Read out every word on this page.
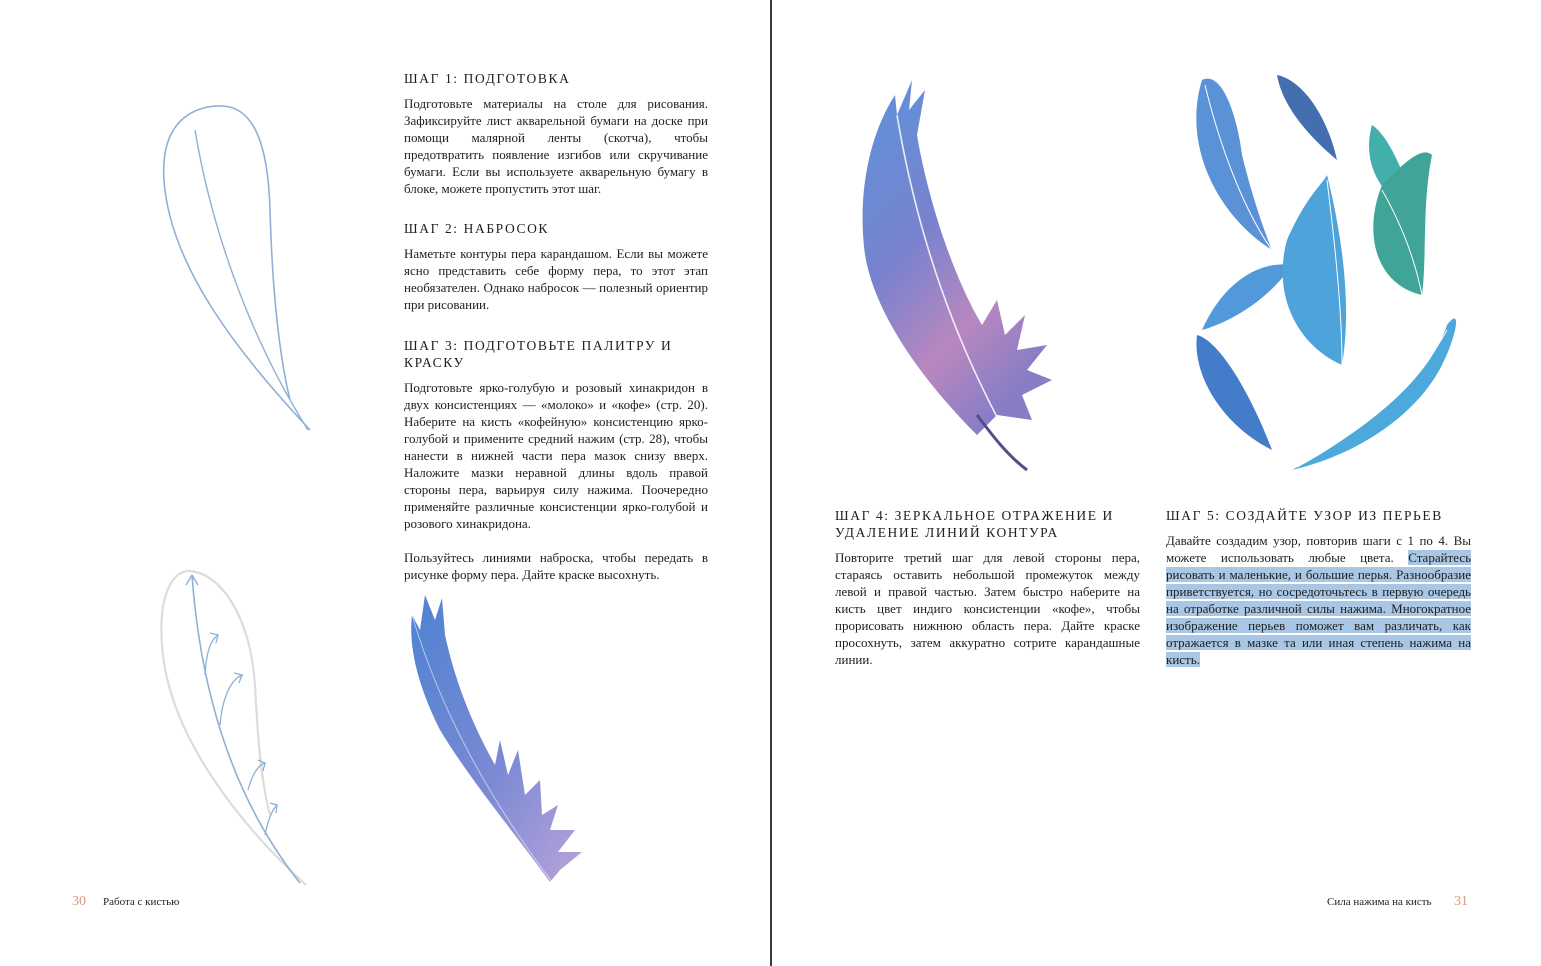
ШАГ 1: ПОДГОТОВКА

Подготовьте материалы на столе для рисования. Зафиксируйте лист акварельной бумаги на доске при помощи малярной ленты (скотча), чтобы предотвратить появление изгибов или скручивание бумаги. Если вы используете акварельную бумагу в блоке, можете пропустить этот шаг.

ШАГ 2: НАБРОСОК

Наметьте контуры пера карандашом. Если вы можете ясно представить себе форму пера, то этот этап необязателен. Однако набросок — полезный ориентир при рисовании.

ШАГ 3: ПОДГОТОВЬТЕ ПАЛИТРУ И КРАСКУ

Подготовьте ярко-голубую и розовый хинакридон в двух консистенциях — «молоко» и «кофе» (стр. 20). Наберите на кисть «кофейную» консистенцию ярко-голубой и примените средний нажим (стр. 28), чтобы нанести в нижней части пера мазок снизу вверх. Наложите мазки неравной длины вдоль правой стороны пера, варьируя силу нажима. Поочередно применяйте различные консистенции ярко-голубой и розового хинакридона.

Пользуйтесь линиями наброска, чтобы передать в рисунке форму пера. Дайте краске высохнуть.

30 Работа с кистью
ШАГ 4: ЗЕРКАЛЬНОЕ ОТРАЖЕНИЕ И УДАЛЕНИЕ ЛИНИЙ КОНТУРА

Повторите третий шаг для левой стороны пера, стараясь оставить небольшой промежуток между левой и правой частью. Затем быстро наберите на кисть цвет индиго консистенции «кофе», чтобы прорисовать нижнюю область пера. Дайте краске просохнуть, затем аккуратно сотрите карандашные линии.

ШАГ 5: СОЗДАЙТЕ УЗОР ИЗ ПЕРЬЕВ

Давайте создадим узор, повторив шаги с 1 по 4. Вы можете использовать любые цвета. Старайтесь рисовать и маленькие, и большие перья. Разнообразие приветствуется, но сосредоточьтесь в первую очередь на отработке различной силы нажима. Многократное изображение перьев поможет вам различать, как отражается в мазке та или иная степень нажима на кисть.

Сила нажима на кисть 31
